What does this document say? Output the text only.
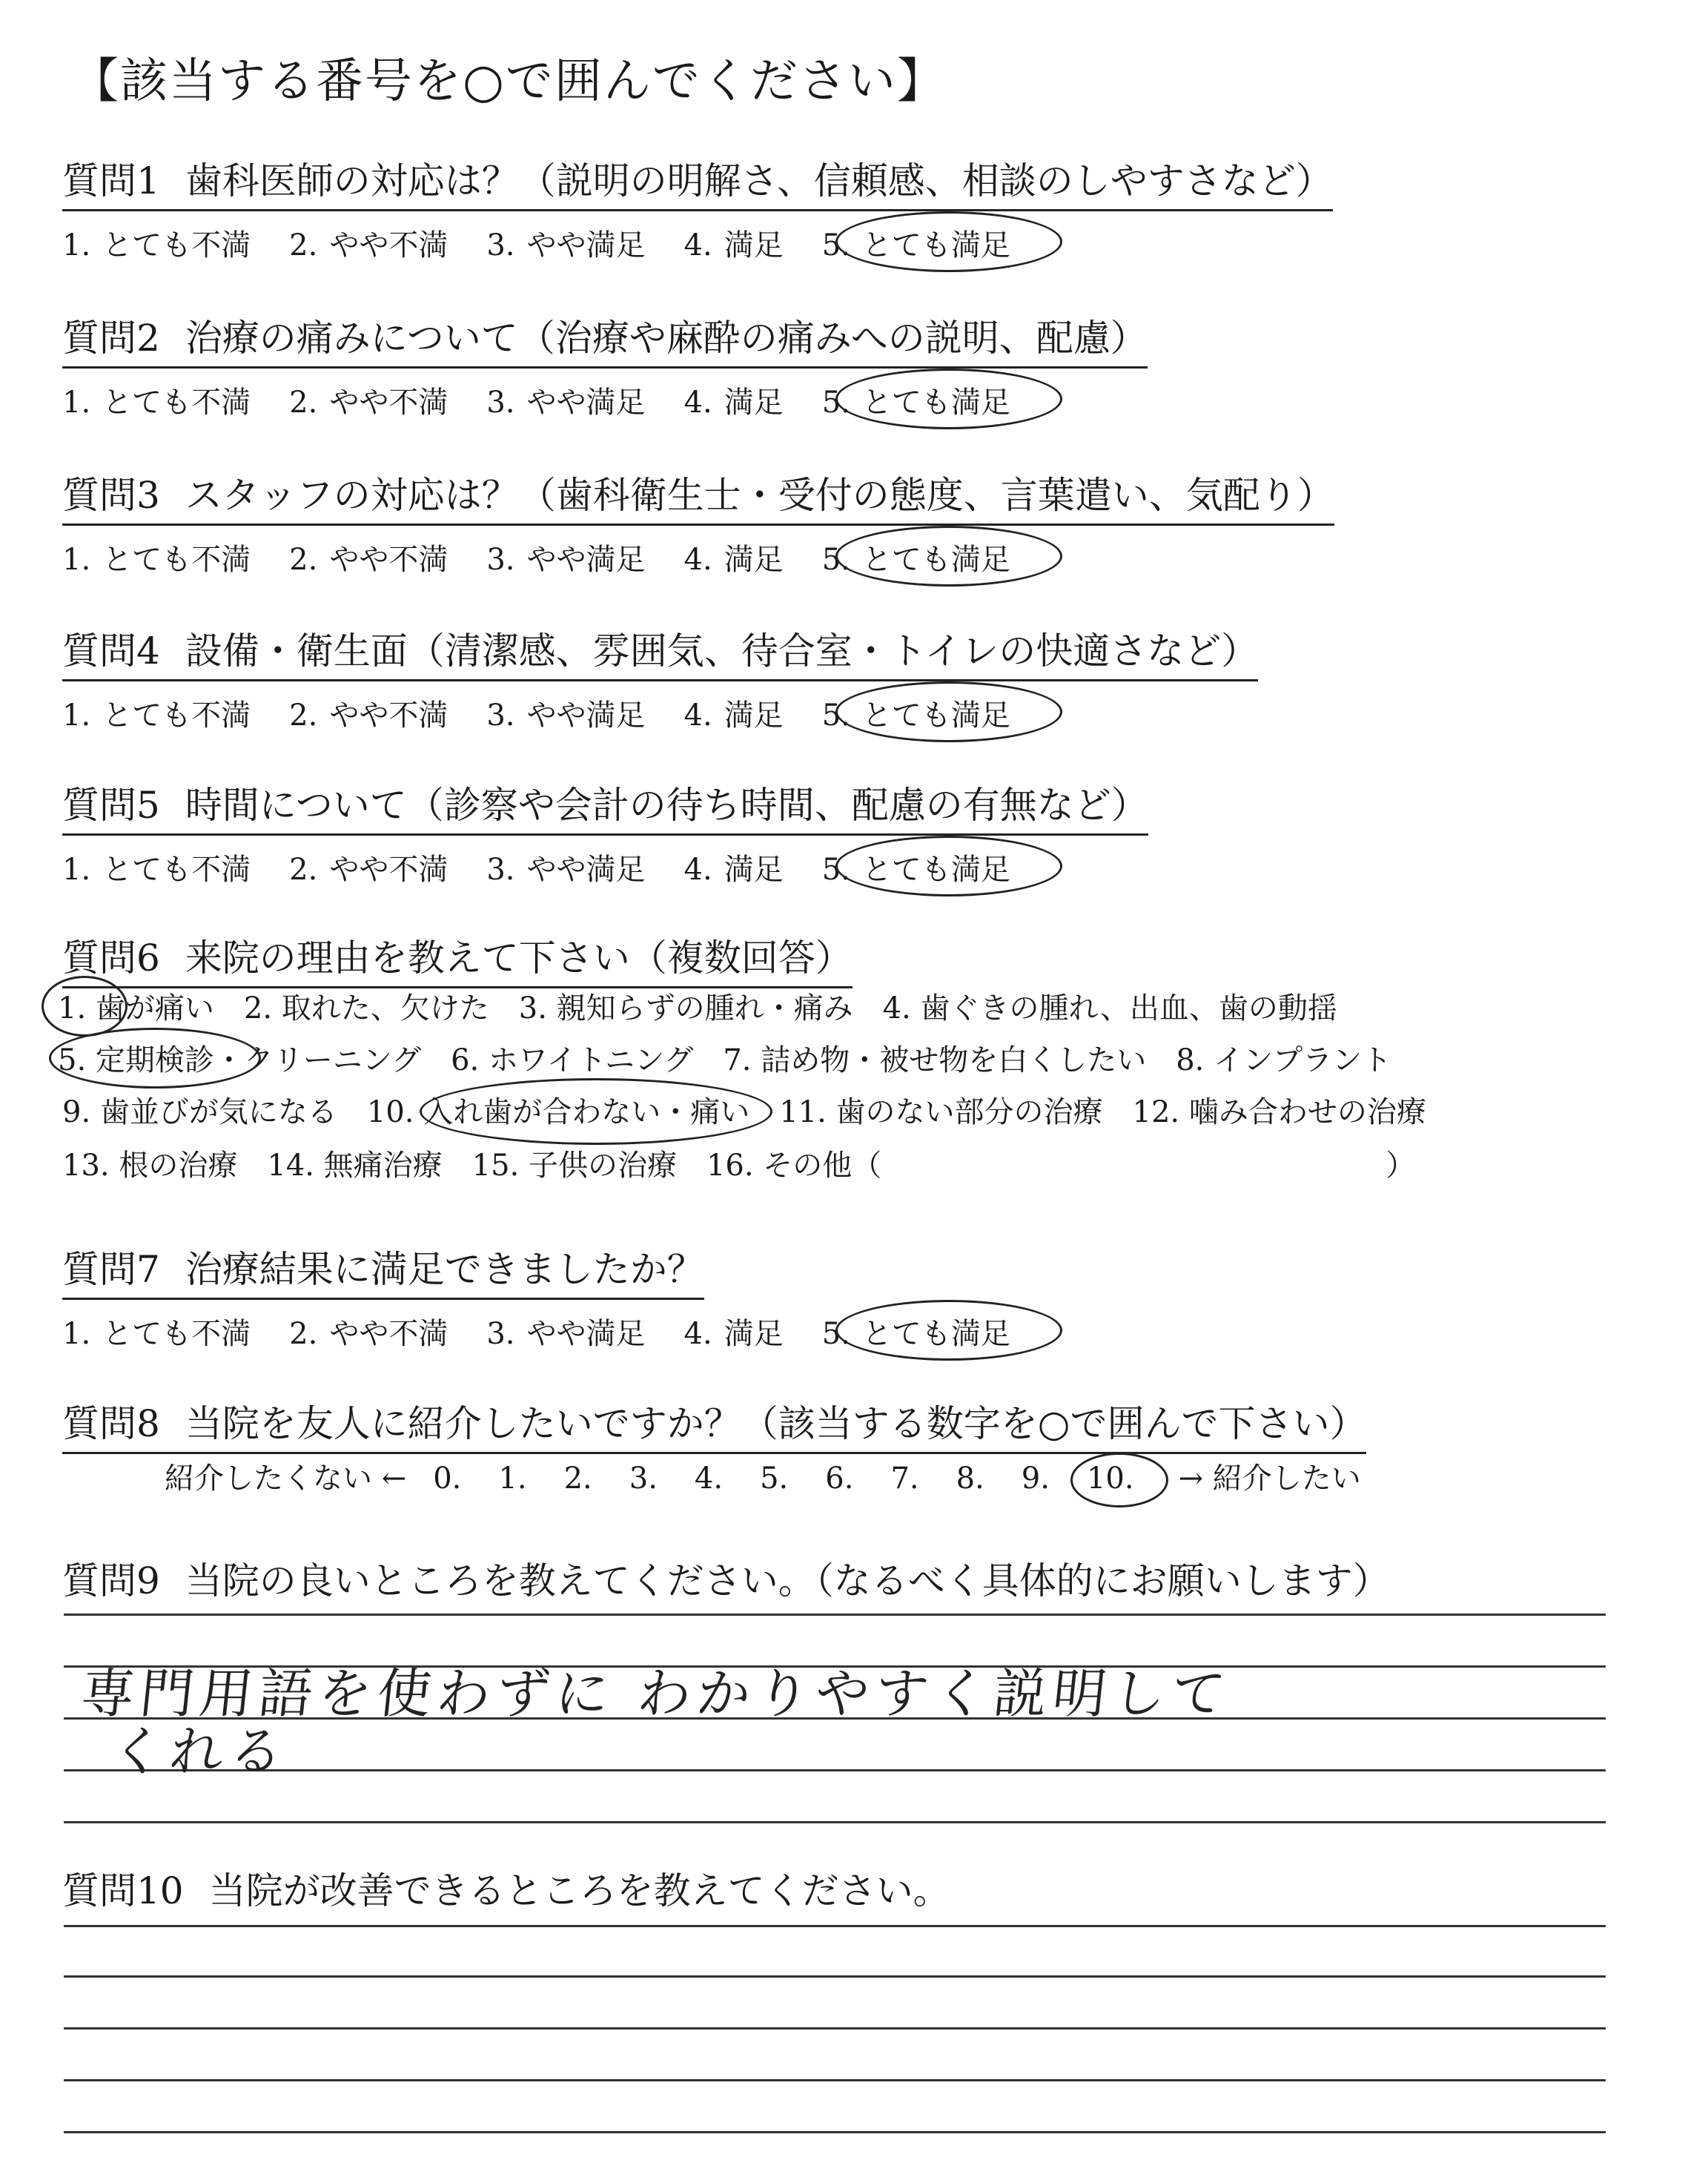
【該当する番号を○で囲んでください】
質問1 歯科医師の対応は？（説明の明解さ、信頼感、相談のしやすさなど）
1. とても不満 2. やや不満 3. やや満足 4. 満足 5. とても満足
質問2 治療の痛みについて（治療や麻酔の痛みへの説明、配慮）
1. とても不満 2. やや不満 3. やや満足 4. 満足 5. とても満足
質問3 スタッフの対応は？（歯科衛生士・受付の態度、言葉遣い、気配り）
1. とても不満 2. やや不満 3. やや満足 4. 満足 5. とても満足
質問4 設備・衛生面（清潔感、雰囲気、待合室・トイレの快適さなど）
1. とても不満 2. やや不満 3. やや満足 4. 満足 5. とても満足
質問5 時間について（診察や会計の待ち時間、配慮の有無など）
1. とても不満 2. やや不満 3. やや満足 4. 満足 5. とても満足
質問6 来院の理由を教えて下さい（複数回答）
1. 歯が痛い　2. 取れた、欠けた　3. 親知らずの腫れ・痛み　4. 歯ぐきの腫れ、出血、歯の動揺
5. 定期検診・クリーニング　6. ホワイトニング　7. 詰め物・被せ物を白くしたい　8. インプラント
9. 歯並びが気になる　10. 入れ歯が合わない・痛い　11. 歯のない部分の治療　12. 噛み合わせの治療
13. 根の治療　14. 無痛治療　15. 子供の治療　16. その他（　　　　　　　　　　　　　　　　　）
質問7 治療結果に満足できましたか？
1. とても不満 2. やや不満 3. やや満足 4. 満足 5. とても満足
質問8 当院を友人に紹介したいですか？（該当する数字を○で囲んで下さい）
紹介したくない ← 0. 1. 2. 3. 4. 5. 6. 7. 8. 9. 10. → 紹介したい
質問9 当院の良いところを教えてください。（なるべく具体的にお願いします）
専門用語を使わずに わかりやすく説明して
くれる
質問10 当院が改善できるところを教えてください。
